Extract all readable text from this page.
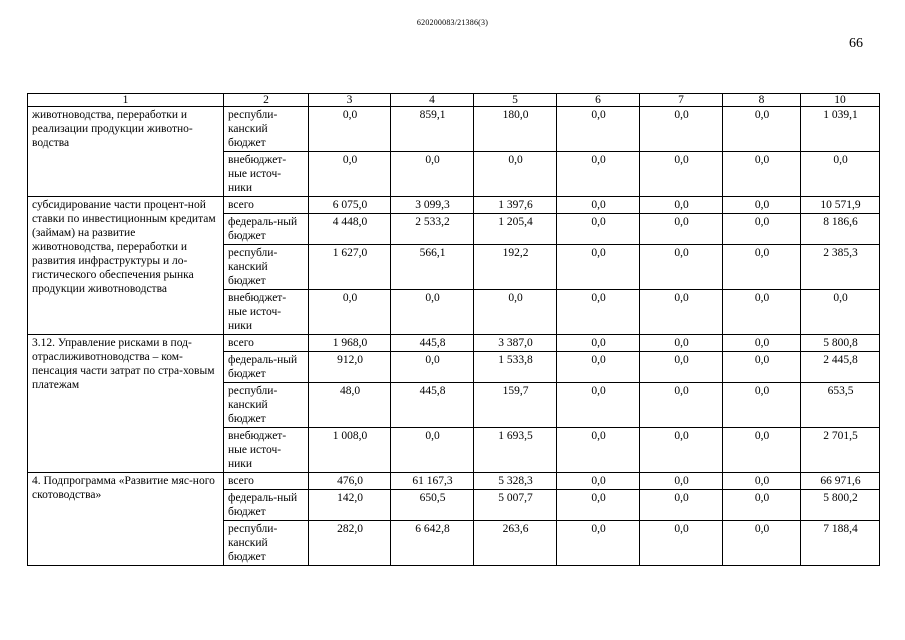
620200083/21386(3)
66
1	2	3	4	5	6	7	8	10
животноводства, переработки и реализации продукции животно-водства	республи-канский бюджет	0,0	859,1	180,0	0,0	0,0	0,0	1 039,1
	внебюджет-ные источ-ники	0,0	0,0	0,0	0,0	0,0	0,0	0,0
субсидирование части процент-ной ставки по инвестиционным кредитам (займам) на развитие животноводства, переработки и развития инфраструктуры и ло-гистического обеспечения рынка продукции животноводства	всего	6 075,0	3 099,3	1 397,6	0,0	0,0	0,0	10 571,9
	федераль-ный бюджет	4 448,0	2 533,2	1 205,4	0,0	0,0	0,0	8 186,6
	республи-канский бюджет	1 627,0	566,1	192,2	0,0	0,0	0,0	2 385,3
	внебюджет-ные источ-ники	0,0	0,0	0,0	0,0	0,0	0,0	0,0
3.12. Управление рисками в под-отраслиживотноводства – ком-пенсация части затрат по стра-ховым платежам	всего	1 968,0	445,8	3 387,0	0,0	0,0	0,0	5 800,8
	федераль-ный бюджет	912,0	0,0	1 533,8	0,0	0,0	0,0	2 445,8
	республи-канский бюджет	48,0	445,8	159,7	0,0	0,0	0,0	653,5
	внебюджет-ные источ-ники	1 008,0	0,0	1 693,5	0,0	0,0	0,0	2 701,5
4. Подпрограмма «Развитие мяс-ного скотоводства»	всего	476,0	61 167,3	5 328,3	0,0	0,0	0,0	66 971,6
	федераль-ный бюджет	142,0	650,5	5 007,7	0,0	0,0	0,0	5 800,2
	республи-канский бюджет	282,0	6 642,8	263,6	0,0	0,0	0,0	7 188,4
